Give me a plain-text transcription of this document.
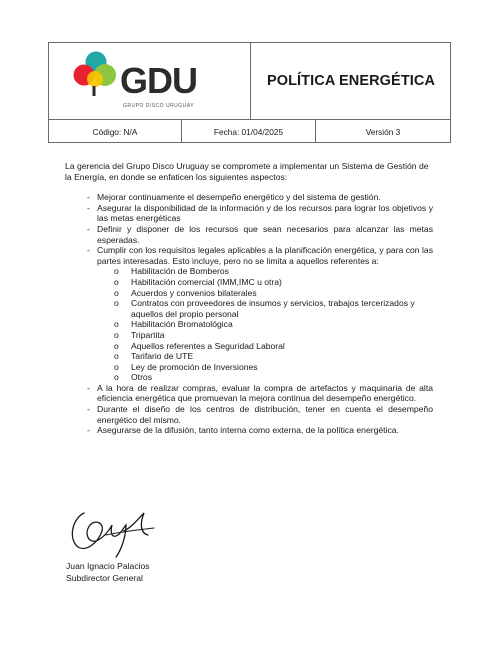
GDU
GRUPO DISCO URUGUAY
POLÍTICA ENERGÉTICA
Código: N/A	Fecha: 01/04/2025	Versión 3

La gerencia del Grupo Disco Uruguay se compromete a implementar un Sistema de Gestión de la Energía, en donde se enfaticen los siguientes aspectos:

- Mejorar continuamente el desempeño energético y del sistema de gestión.
- Asegurar la disponibilidad de la información y de los recursos para lograr los objetivos y las metas energéticas
- Definir y disponer de los recursos que sean necesarios para alcanzar las metas esperadas.
- Cumplir con los requisitos legales aplicables a la planificación energética, y para con las partes interesadas. Esto incluye, pero no se limita a aquellos referentes a:
o Habilitación de Bomberos
o Habilitación comercial (IMM,IMC u otra)
o Acuerdos y convenios bilaterales
o Contratos con proveedores de insumos y servicios, trabajos tercerizados y aquellos del propio personal
o Habilitación Bromatológica
o Tripartita
o Aquellos referentes a Seguridad Laboral
o Tarifario de UTE
o Ley de promoción de Inversiones
o Otros
- A la hora de realizar compras, evaluar la compra de artefactos y maquinaria de alta eficiencia energética que promuevan la mejora continua del desempeño energético.
- Durante el diseño de los centros de distribución, tener en cuenta el desempeño energético del mismo.
- Asegurarse de la difusión, tanto interna como externa, de la política energética.
Juan Ignacio Palacios
Subdirector General
